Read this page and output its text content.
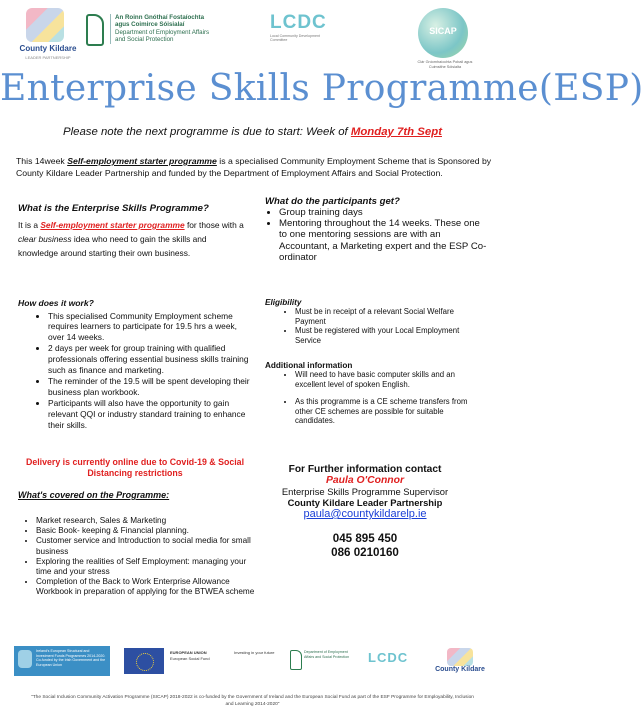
County Kildare
LEADER PARTNERSHIP
An Roinn Gnóthaí Fostaíochta
agus Coimirce Sóisialaí
Department of Employment Affairs
and Social Protection
LCDC
Local Community Development Committee
SICAP
Clár Gníomhaíochta Pobail agus Cuimsithe Sóisialta
Enterprise Skills Programme(ESP)
Please note the next programme is due to start: Week of Monday 7th Sept
This 14week Self-employment starter programme is a specialised Community Employment Scheme that is Sponsored by County Kildare Leader Partnership and funded by the Department of Employment Affairs and Social Protection.
What is the Enterprise Skills Programme?

It is a Self-employment starter programme for those with a clear business idea who need to gain the skills and knowledge around starting their own business.

What do the participants get?
• Group training days
• Mentoring throughout the 14 weeks. These one to one mentoring sessions are with an Accountant, a Marketing expert and the ESP Co-ordinator
How does it work?
• This specialised Community Employment scheme requires learners to participate for 19.5 hrs a week, over 14 weeks.
• 2 days per week for group training with qualified professionals offering essential business skills training such as finance and marketing.
• The reminder of the 19.5 will be spent developing their business plan workbook.
• Participants will also have the opportunity to gain relevant QQI or industry standard training to enhance their skills.
Eligibility
• Must be in receipt of a relevant Social Welfare Payment
• Must be registered with your Local Employment Service
Additional information
• Will need to have basic computer skills and an excellent level of spoken English.
• As this programme is a CE scheme transfers from other CE schemes are possible for suitable candidates.
Delivery is currently online due to Covid-19 & Social Distancing restrictions
What's covered on the Programme:
• Market research, Sales & Marketing
• Basic Book- keeping & Financial planning.
• Customer service and Introduction to social media for small business
• Exploring the realities of Self Employment: managing your time and your stress
• Completion of the Back to Work Enterprise Allowance Workbook in preparation of applying for the BTWEA scheme
For Further information contact
Paula O'Connor
Enterprise Skills Programme Supervisor
County Kildare Leader Partnership
paula@countykildarelp.ie
045 895 450
086 0210160
Ireland's European Structural and Investment Funds Programmes 2014-2020. Co-funded by the Irish Government and the European Union
EUROPEAN UNION
European Social Fund
Investing in your future	Department of Employment Affairs and Social Protection	LCDC
County Kildare
"The Social Inclusion Community Activation Programme (SICAP) 2018-2022 is co-funded by the Government of Ireland and the European Social Fund as part of the ESF Programme for Employability, Inclusion and Learning 2014-2020"
